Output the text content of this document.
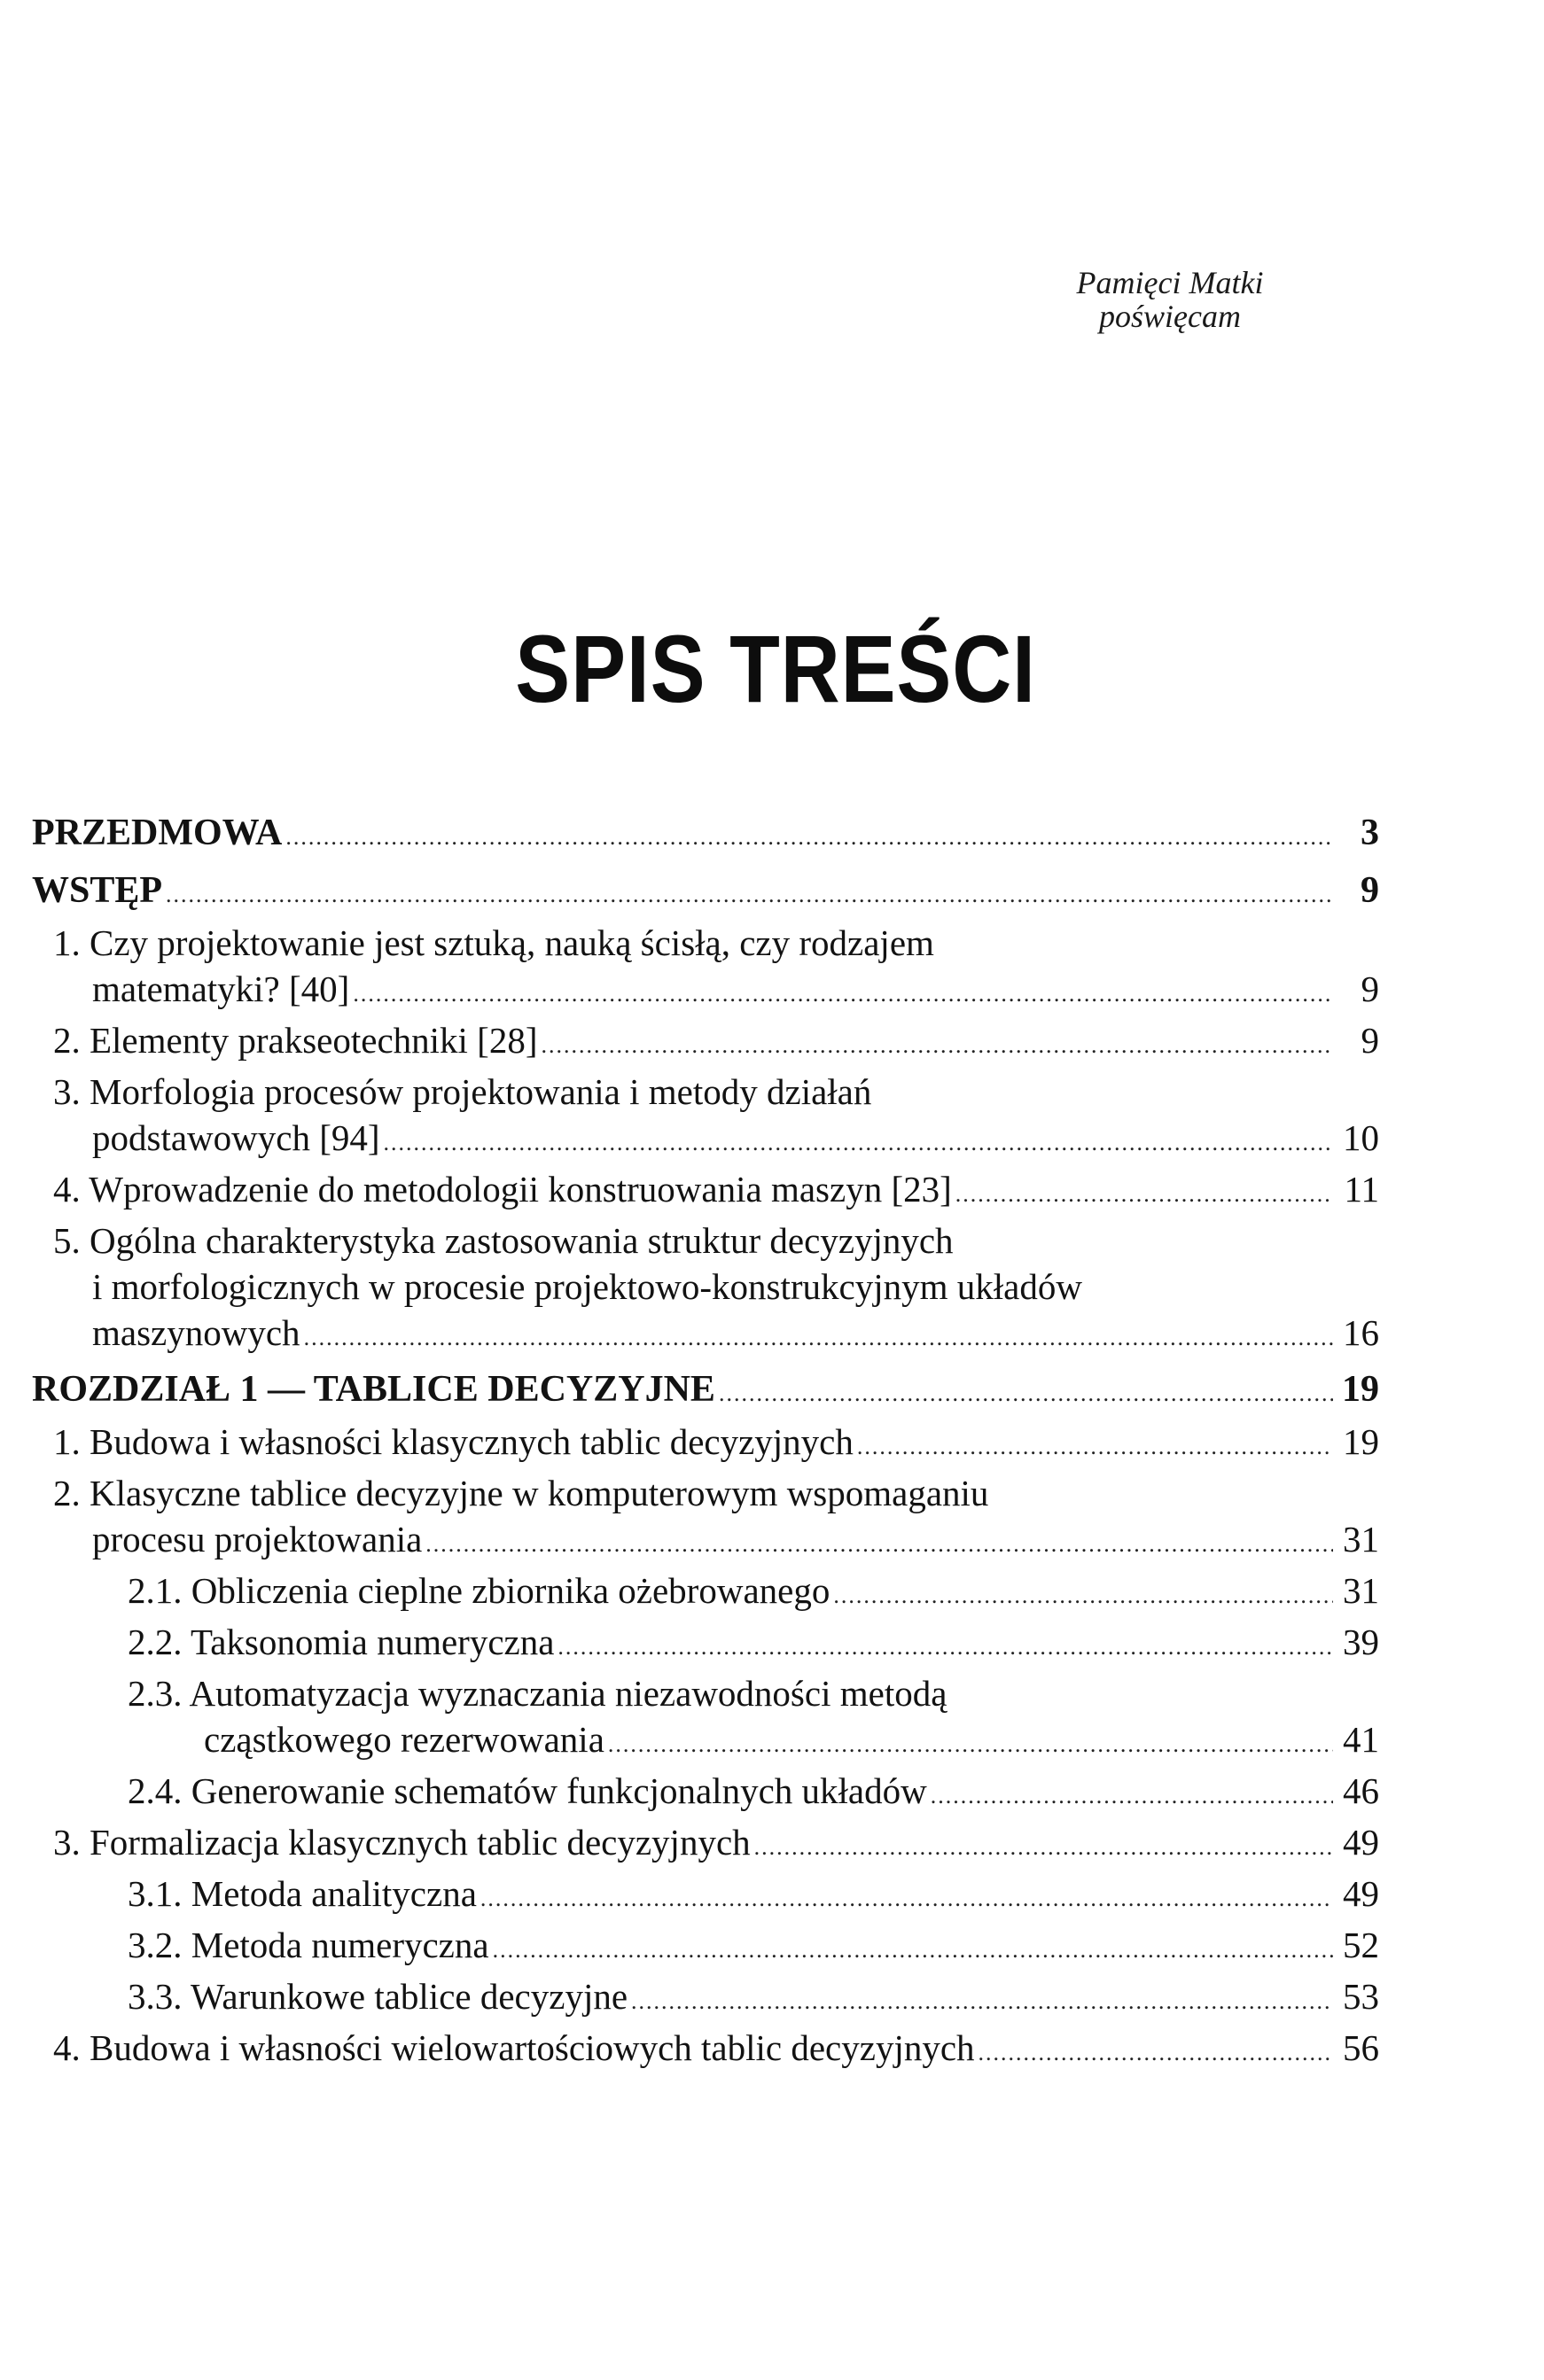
Pamięci Matki
poświęcam
SPIS TREŚCI
PRZEDMOWA .....	3
WSTĘP .....	9
1. Czy projektowanie jest sztuką, nauką ścisłą, czy rodzajem
matematyki? [40] .....	9
2. Elementy prakseotechniki [28] .....	9
3. Morfologia procesów projektowania i metody działań
podstawowych [94] .....	10
4. Wprowadzenie do metodologii konstruowania maszyn [23] .....	11
5. Ogólna charakterystyka zastosowania struktur decyzyjnych
i morfologicznych w procesie projektowo-konstrukcyjnym układów
maszynowych .....	16
ROZDZIAŁ 1 — TABLICE DECYZYJNE .....	19
1. Budowa i własności klasycznych tablic decyzyjnych .....	19
2. Klasyczne tablice decyzyjne w komputerowym wspomaganiu
procesu projektowania .....	31
2.1. Obliczenia cieplne zbiornika ożebrowanego .....	31
2.2. Taksonomia numeryczna .....	39
2.3. Automatyzacja wyznaczania niezawodności metodą
cząstkowego rezerwowania .....	41
2.4. Generowanie schematów funkcjonalnych układów .....	46
3. Formalizacja klasycznych tablic decyzyjnych .....	49
3.1. Metoda analityczna .....	49
3.2. Metoda numeryczna .....	52
3.3. Warunkowe tablice decyzyjne .....	53
4. Budowa i własności wielowartościowych tablic decyzyjnych .....	56
